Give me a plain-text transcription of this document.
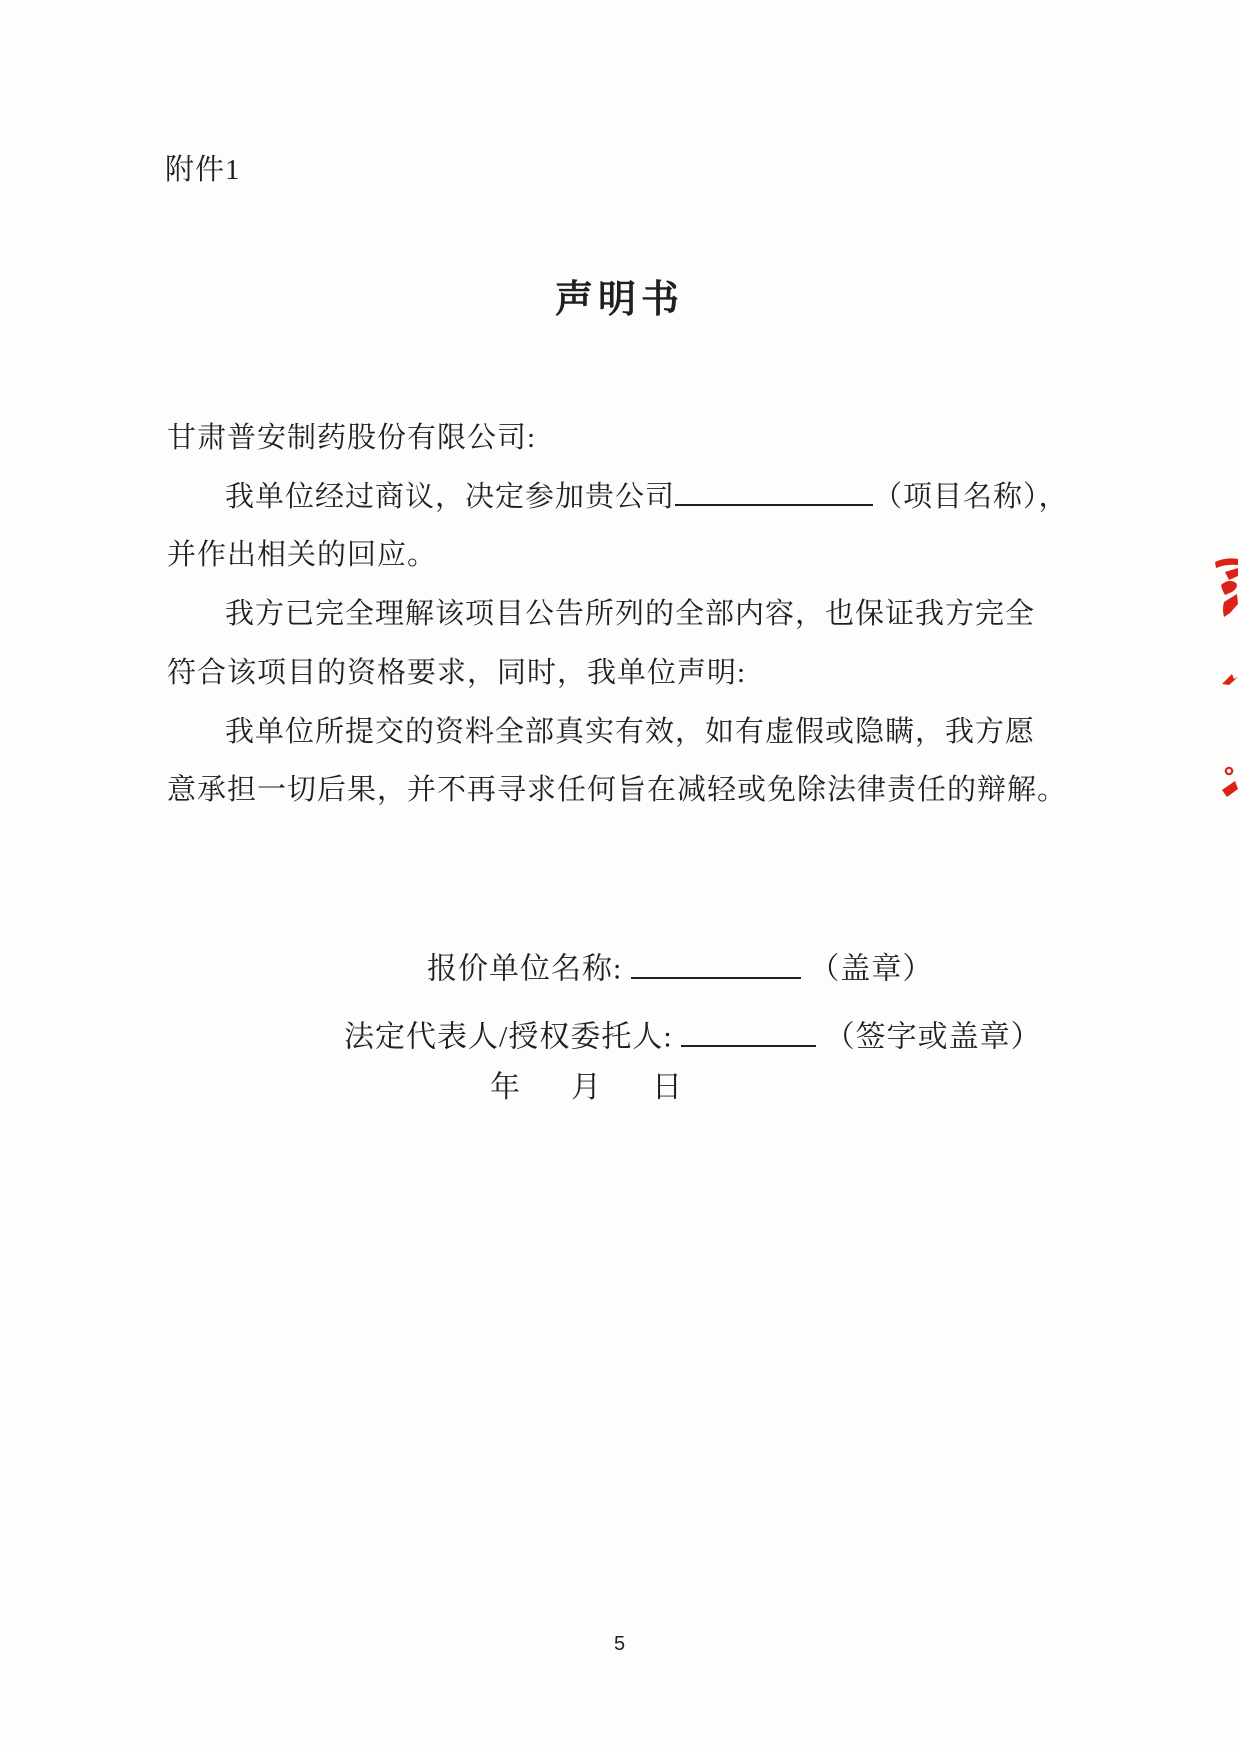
附件1
声明书
甘肃普安制药股份有限公司:
我单位经过商议，决定参加贵公司	（项目名称），
并作出相关的回应。
我方已完全理解该项目公告所列的全部内容，也保证我方完全
符合该项目的资格要求，同时，我单位声明:
我单位所提交的资料全部真实有效，如有虚假或隐瞒，我方愿
意承担一切后果，并不再寻求任何旨在减轻或免除法律责任的辩解。
报价单位名称:	（盖章）
法定代表人/授权委托人:	（签字或盖章）
年 月 日
5
